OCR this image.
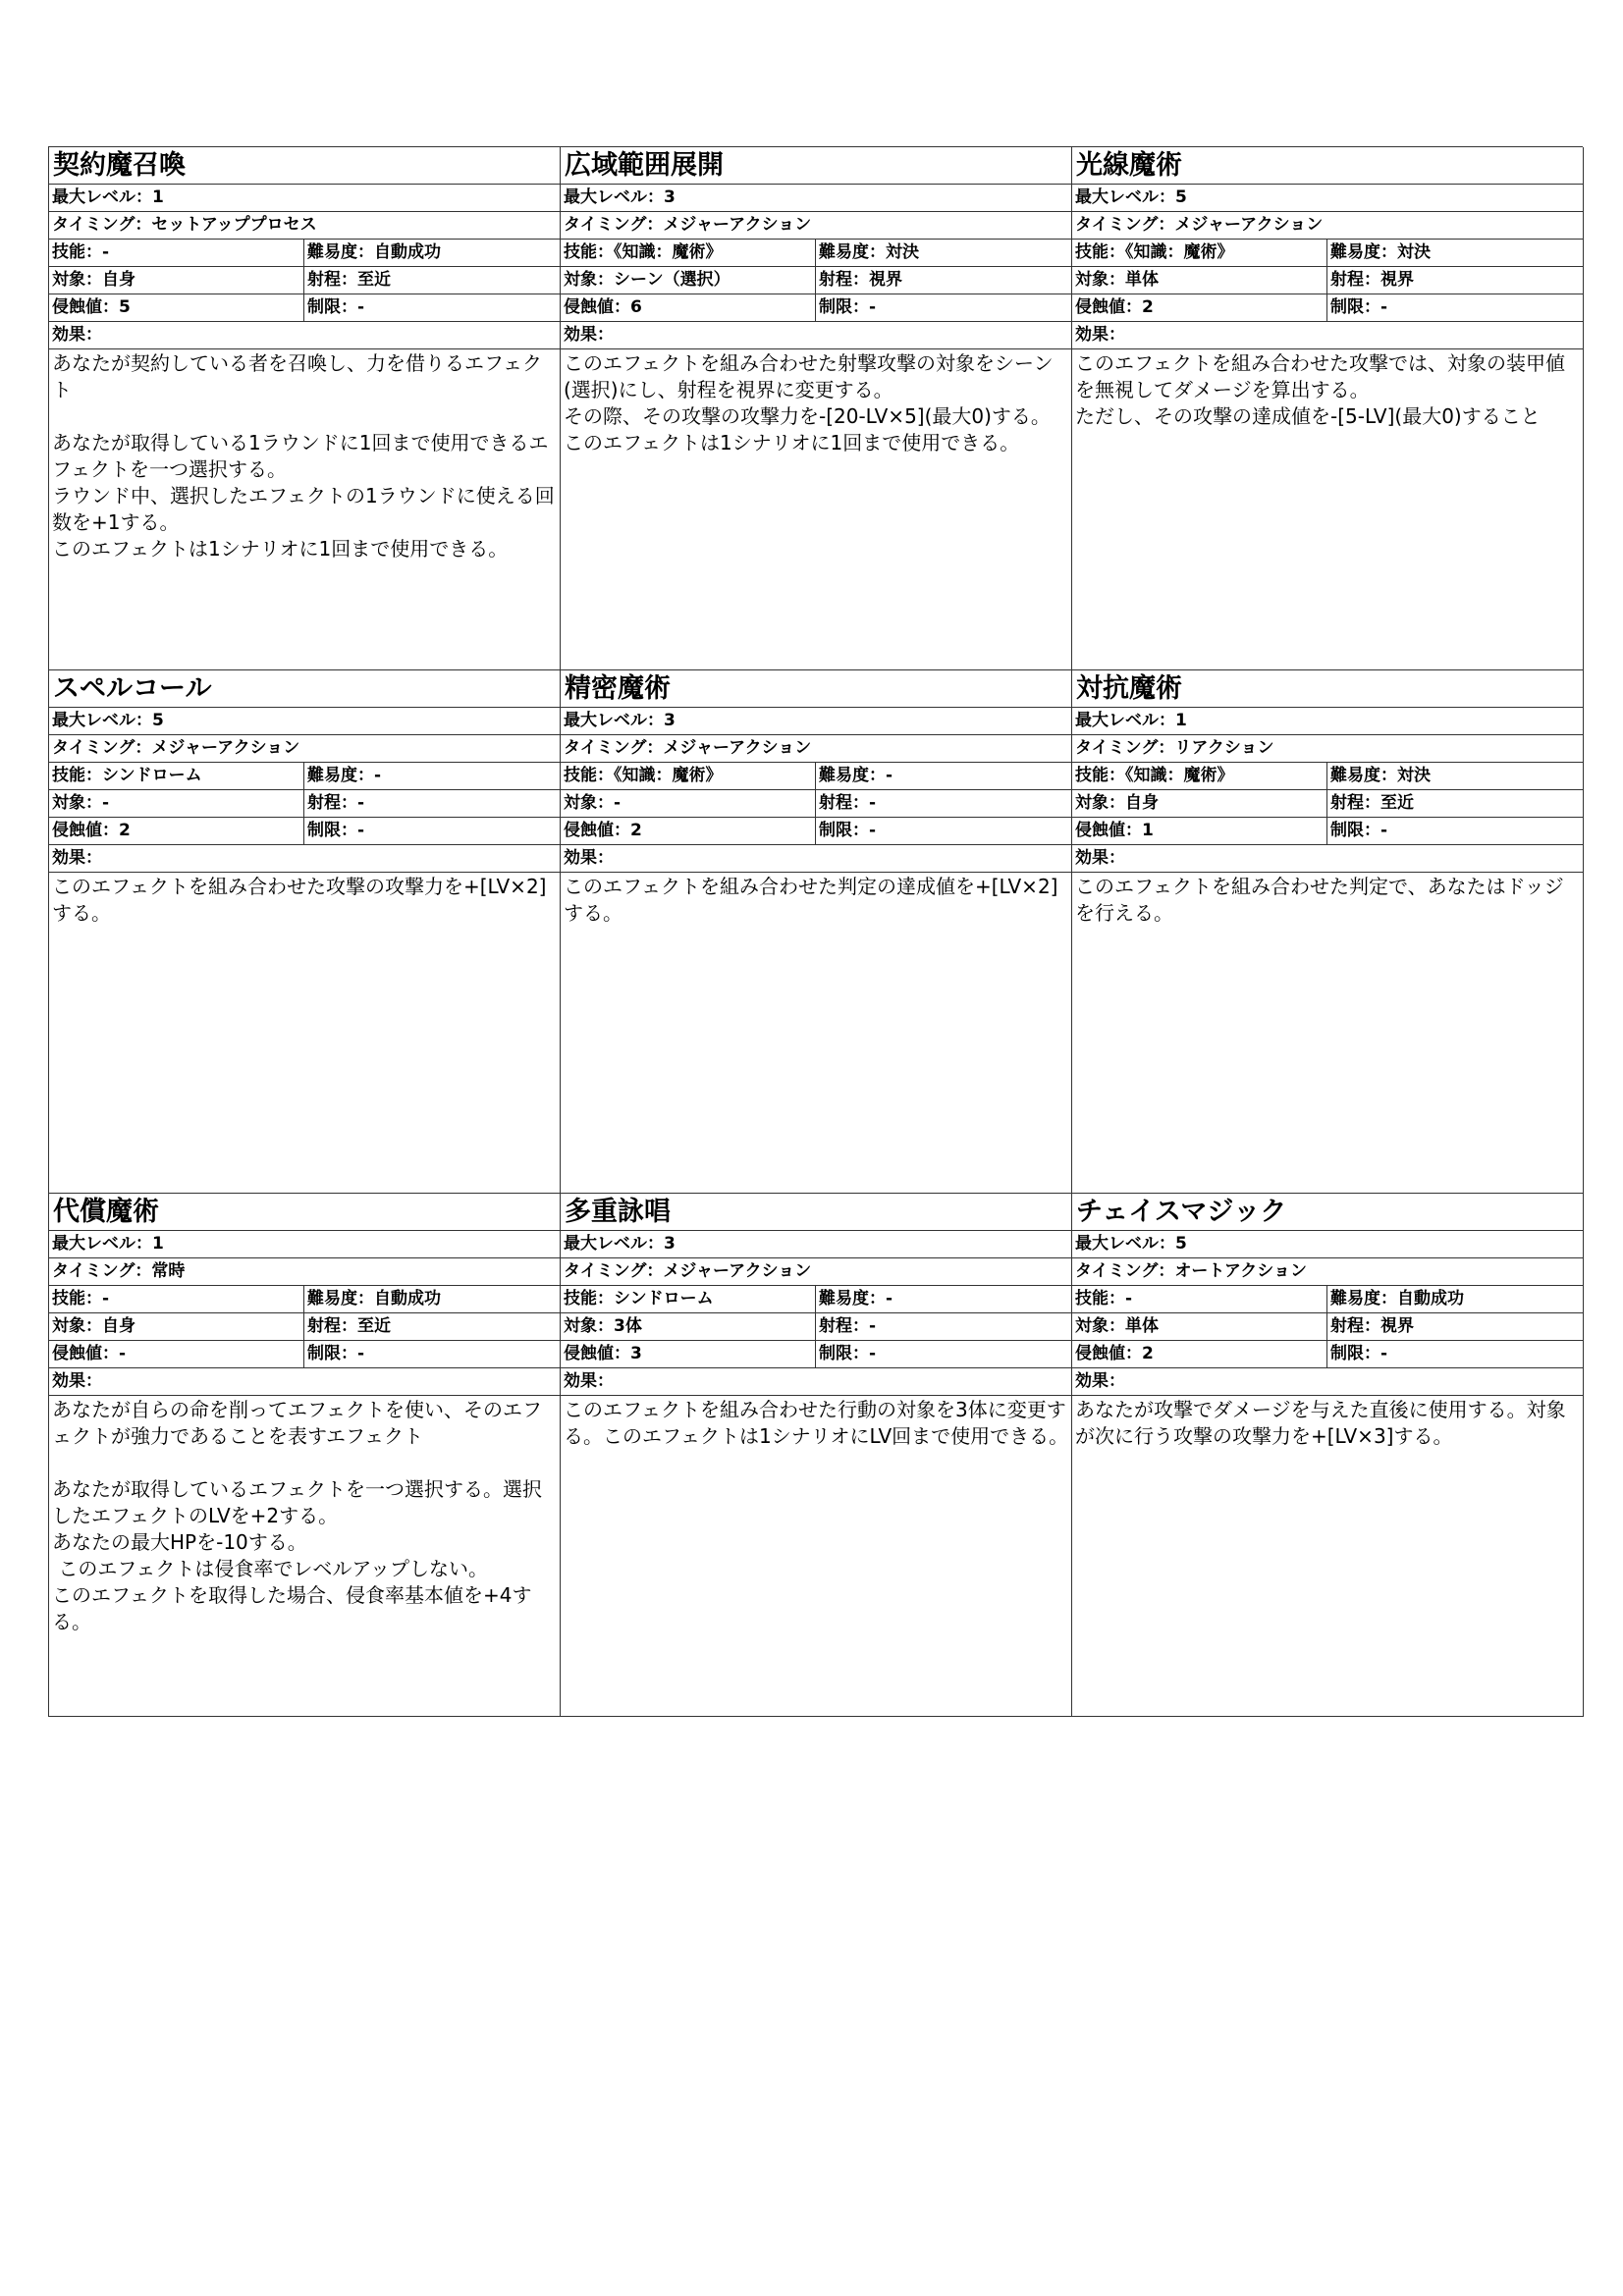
契約魔召喚
最大レベル：1
タイミング：セットアッププロセス
技能：-	難易度：自動成功
対象：自身	射程：至近
侵蝕値：5	制限：-
効果：
あなたが契約している者を召喚し、力を借りるエフェクト

あなたが取得している1ラウンドに1回まで使用できるエフェクトを一つ選択する。
ラウンド中、選択したエフェクトの1ラウンドに使える回数を+1する。
このエフェクトは1シナリオに1回まで使用できる。
広域範囲展開
最大レベル：3
タイミング：メジャーアクション
技能：《知識：魔術》	難易度：対決
対象：シーン（選択）	射程：視界
侵蝕値：6	制限：-
効果：
このエフェクトを組み合わせた射撃攻撃の対象をシーン(選択)にし、射程を視界に変更する。
その際、その攻撃の攻撃力を-[20-LV×5](最大0)する。このエフェクトは1シナリオに1回まで使用できる。
光線魔術
最大レベル：5
タイミング：メジャーアクション
技能：《知識：魔術》	難易度：対決
対象：単体	射程：視界
侵蝕値：2	制限：-
効果：
このエフェクトを組み合わせた攻撃では、対象の装甲値を無視してダメージを算出する。
ただし、その攻撃の達成値を-[5-LV](最大0)すること
スペルコール
最大レベル：5
タイミング：メジャーアクション
技能：シンドローム	難易度：-
対象：-	射程：-
侵蝕値：2	制限：-
効果：
このエフェクトを組み合わせた攻撃の攻撃力を+[LV×2]する。
精密魔術
最大レベル：3
タイミング：メジャーアクション
技能：《知識：魔術》	難易度：-
対象：-	射程：-
侵蝕値：2	制限：-
効果：
このエフェクトを組み合わせた判定の達成値を+[LV×2]する。
対抗魔術
最大レベル：1
タイミング：リアクション
技能：《知識：魔術》	難易度：対決
対象：自身	射程：至近
侵蝕値：1	制限：-
効果：
このエフェクトを組み合わせた判定で、あなたはドッジを行える。
代償魔術
最大レベル：1
タイミング：常時
技能：-	難易度：自動成功
対象：自身	射程：至近
侵蝕値：-	制限：-
効果：
あなたが自らの命を削ってエフェクトを使い、そのエフェクトが強力であることを表すエフェクト

あなたが取得しているエフェクトを一つ選択する。選択したエフェクトのLVを+2する。
あなたの最大HPを-10する。
このエフェクトは侵食率でレベルアップしない。
このエフェクトを取得した場合、侵食率基本値を+4する。
多重詠唱
最大レベル：3
タイミング：メジャーアクション
技能：シンドローム	難易度：-
対象：3体	射程：-
侵蝕値：3	制限：-
効果：
このエフェクトを組み合わせた行動の対象を3体に変更する。このエフェクトは1シナリオにLV回まで使用できる。
チェイスマジック
最大レベル：5
タイミング：オートアクション
技能：-	難易度：自動成功
対象：単体	射程：視界
侵蝕値：2	制限：-
効果：
あなたが攻撃でダメージを与えた直後に使用する。対象が次に行う攻撃の攻撃力を+[LV×3]する。
